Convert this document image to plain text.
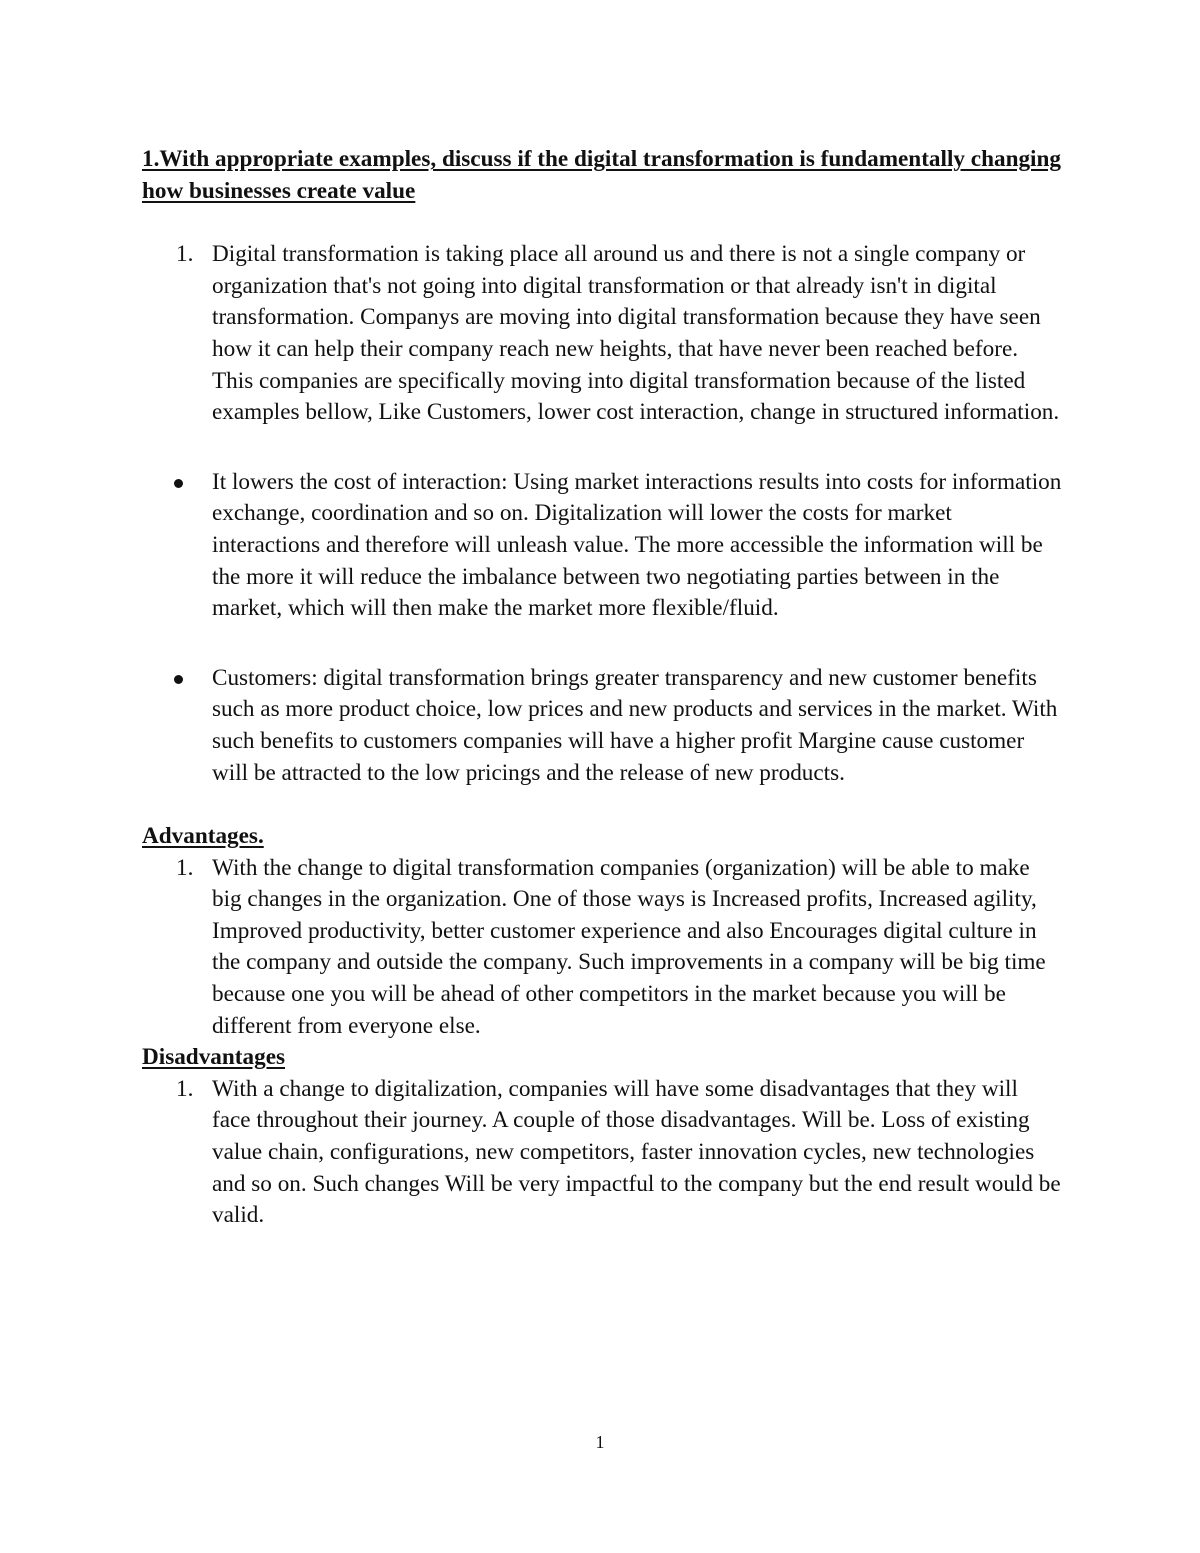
1.With appropriate examples, discuss if the digital transformation is fundamentally changing how businesses create value

1. Digital transformation is taking place all around us and there is not a single company or organization that's not going into digital transformation or that already isn't in digital transformation. Companys are moving into digital transformation because they have seen how it can help their company reach new heights, that have never been reached before. This companies are specifically moving into digital transformation because of the listed examples bellow, Like Customers, lower cost interaction, change in structured information.
It lowers the cost of interaction: Using market interactions results into costs for information exchange, coordination and so on. Digitalization will lower the costs for market interactions and therefore will unleash value. The more accessible the information will be the more it will reduce the imbalance between two negotiating parties between in the market, which will then make the market more flexible/fluid.
Customers: digital transformation brings greater transparency and new customer benefits such as more product choice, low prices and new products and services in the market. With such benefits to customers companies will have a higher profit Margine cause customer will be attracted to the low pricings and the release of new products.

Advantages.

1. With the change to digital transformation companies (organization) will be able to make big changes in the organization. One of those ways is Increased profits, Increased agility, Improved productivity, better customer experience and also Encourages digital culture in the company and outside the company. Such improvements in a company will be big time because one you will be ahead of other competitors in the market because you will be different from everyone else.

Disadvantages

1. With a change to digitalization, companies will have some disadvantages that they will face throughout their journey. A couple of those disadvantages. Will be. Loss of existing value chain, configurations, new competitors, faster innovation cycles, new technologies and so on. Such changes Will be very impactful to the company but the end result would be valid.
1
